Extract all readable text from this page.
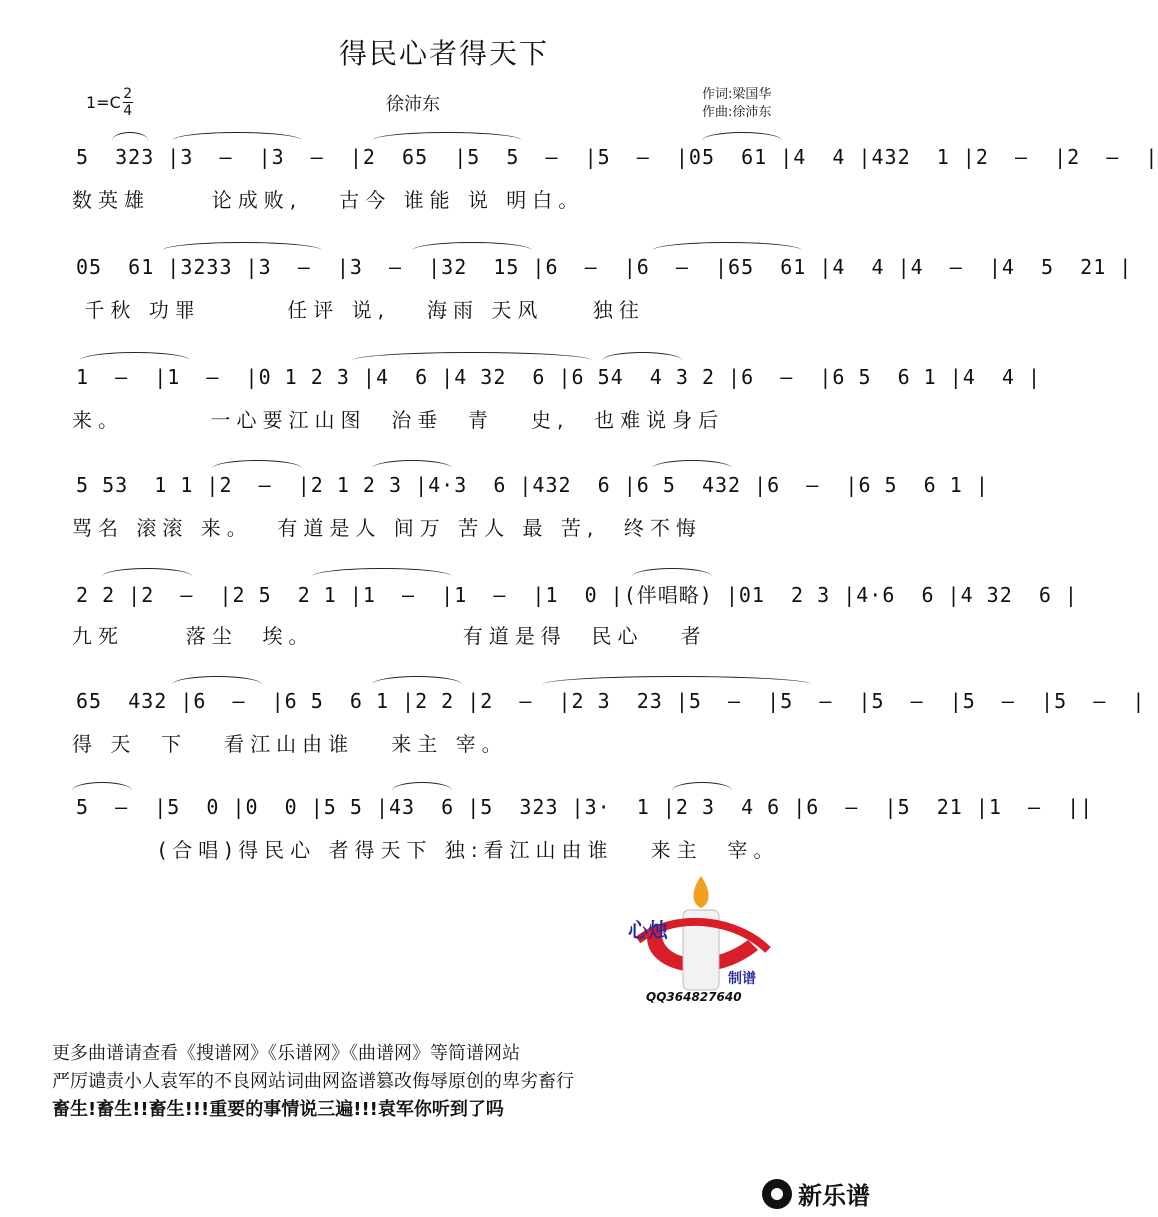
得民心者得天下
$1=C \frac{2}{4}$	徐沛东	作词: 梁国华
作曲: 徐沛东
5  323 |3  –  |3  –  |2  65  |5  5  –  |5  –  |05  61 |4  4 |432  1 |2  –  |2  –  |
数英雄     论成败,   古今 谁能 说 明白。
05  61 |3233 |3  –  |3  –  |32  15 |6  –  |6  –  |65  61 |4  4 |4  –  |4  5  21 |
千秋 功罪       任评 说,   海雨 天风    独往
1  –  |1  –  |0 1 2 3 |4  6 |4 32  6 |6 54  4 3 2 |6  –  |6 5  6 1 |4  4 |
来。       一心要江山图  治垂  青   史,  也难说身后
5 53  1 1 |2  –  |2 1 2 3 |4·3  6 |432  6 |6 5  432 |6  –  |6 5  6 1 |
骂名 滚滚 来。  有道是人 间万 苦人 最 苦,  终不悔
2 2 |2  –  |2 5  2 1 |1  –  |1  –  |1  0 |(伴唱略) |01  2 3 |4·6  6 |4 32  6 |
九死     落尘  埃。            有道是得  民心   者
65  432 |6  –  |6 5  6 1 |2 2 |2  –  |2 3  23 |5  –  |5  –  |5  –  |5  –  |5  –  |
得 天  下   看江山由谁   来主 宰。
5  –  |5  0 |0  0 |5 5 |43  6 |5  323 |3·  1 |2 3  4 6 |6  –  |5  21 |1  –  ||
(合唱)得民心 者得天下 独:看江山由谁   来主  宰。
心烛
制谱
QQ364827640
更多曲谱请查看《搜谱网》《乐谱网》《曲谱网》等简谱网站
严厉谴责小人袁军的不良网站词曲网盗谱篡改侮辱原创的卑劣畜行
畜生!畜生!!畜生!!!重要的事情说三遍!!!袁军你听到了吗
新乐谱
